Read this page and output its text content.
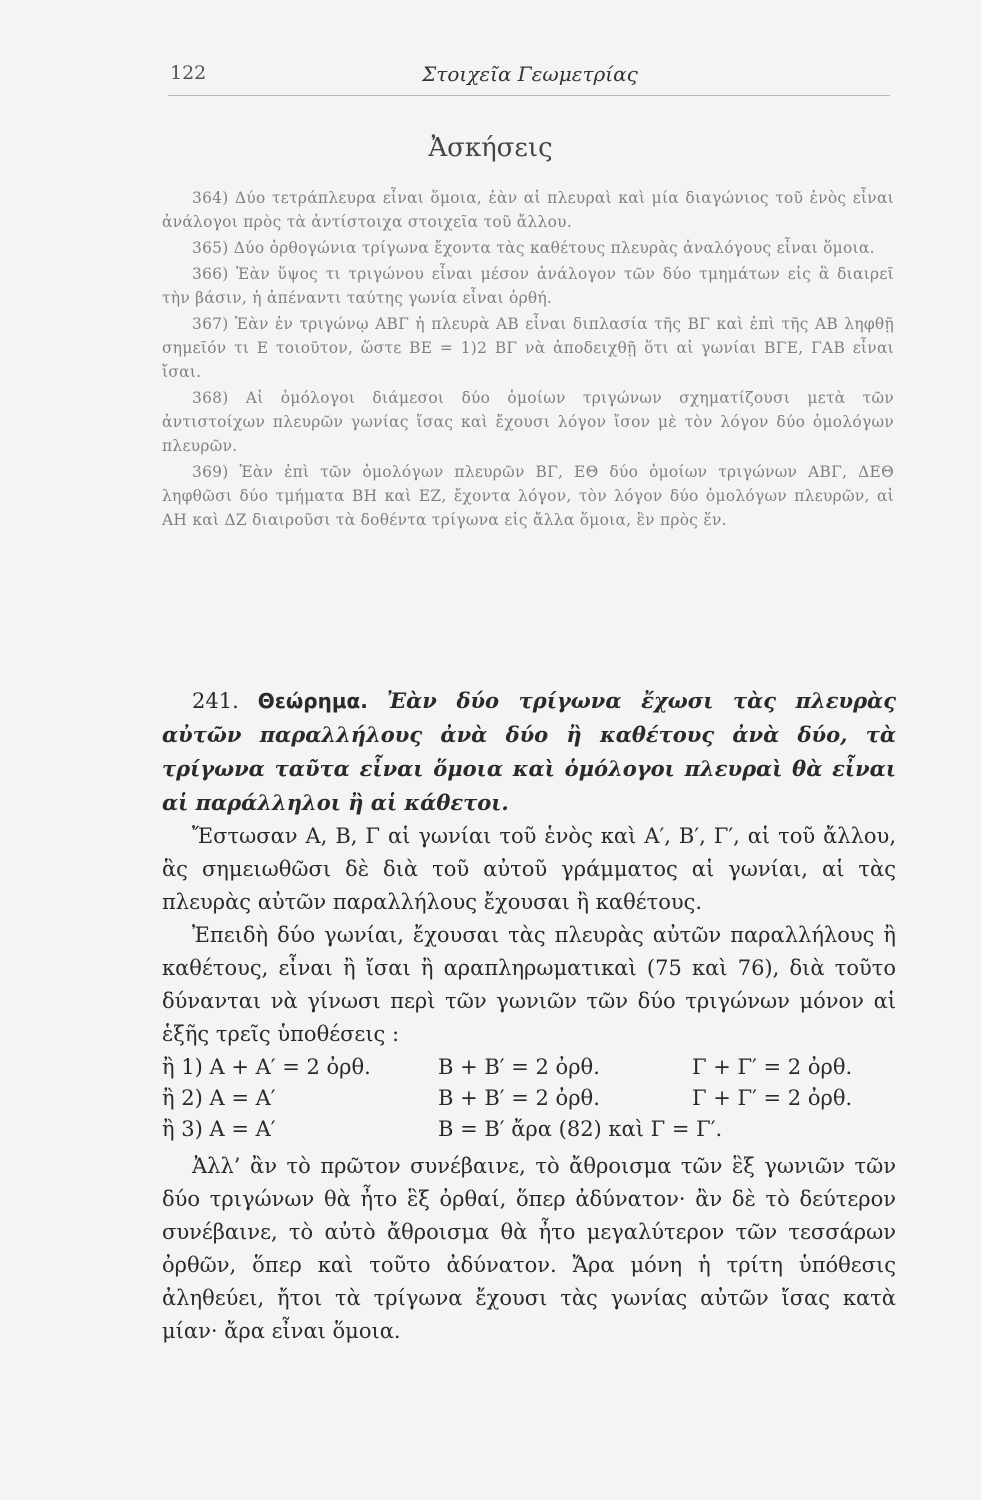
122	Στοιχεῖα Γεωμετρίας
Ἀσκήσεις

364) Δύο τετράπλευρα εἶναι ὅμοια, ἐὰν αἱ πλευραὶ καὶ μία διαγώνιος τοῦ ἑνὸς εἶναι ἀνάλογοι πρὸς τὰ ἀντίστοιχα στοιχεῖα τοῦ ἄλλου.

365) Δύο ὀρθογώνια τρίγωνα ἔχοντα τὰς καθέτους πλευρὰς ἀναλόγους εἶναι ὅμοια.

366) Ἐὰν ὕψος τι τριγώνου εἶναι μέσον ἀνάλογον τῶν δύο τμημάτων εἰς ἃ διαιρεῖ τὴν βάσιν, ἡ ἀπέναντι ταύτης γωνία εἶναι ὀρθή.

367) Ἐὰν ἐν τριγώνῳ ΑΒΓ ἡ πλευρὰ ΑΒ εἶναι διπλασία τῆς ΒΓ καὶ ἐπὶ τῆς ΑΒ ληφθῇ σημεῖόν τι Ε τοιοῦτον, ὥστε ΒΕ = 1)2 ΒΓ νὰ ἀποδειχθῇ ὅτι αἱ γωνίαι ΒΓΕ, ΓΑΒ εἶναι ἴσαι.

368) Αἱ ὁμόλογοι διάμεσοι δύο ὁμοίων τριγώνων σχηματίζουσι μετὰ τῶν ἀντιστοίχων πλευρῶν γωνίας ἴσας καὶ ἔχουσι λόγον ἴσον μὲ τὸν λόγον δύο ὁμολόγων πλευρῶν.

369) Ἐὰν ἐπὶ τῶν ὁμολόγων πλευρῶν ΒΓ, ΕΘ δύο ὁμοίων τριγώνων ΑΒΓ, ΔΕΘ ληφθῶσι δύο τμήματα ΒΗ καὶ ΕΖ, ἔχοντα λόγον, τὸν λόγον δύο ὁμολόγων πλευρῶν, αἱ ΑΗ καὶ ΔΖ διαιροῦσι τὰ δοθέντα τρίγωνα εἰς ἄλλα ὅμοια, ἓν πρὸς ἕν.

241. Θεώρημα. Ἐὰν δύο τρίγωνα ἔχωσι τὰς πλευρὰς αὐτῶν παραλλήλους ἀνὰ δύο ἢ καθέτους ἀνὰ δύο, τὰ τρίγωνα ταῦτα εἶναι ὅμοια καὶ ὁμόλογοι πλευραὶ θὰ εἶναι αἱ παράλληλοι ἢ αἱ κάθετοι.

Ἔστωσαν Α, Β, Γ αἱ γωνίαι τοῦ ἑνὸς καὶ Α′, Β′, Γ′, αἱ τοῦ ἄλλου, ἃς σημειωθῶσι δὲ διὰ τοῦ αὐτοῦ γράμματος αἱ γωνίαι, αἱ τὰς πλευρὰς αὐτῶν παραλλήλους ἔχουσαι ἢ καθέτους.

Ἐπειδὴ δύο γωνίαι, ἔχουσαι τὰς πλευρὰς αὐτῶν παραλλήλους ἢ καθέτους, εἶναι ἢ ἴσαι ἢ αραπληρωματικαὶ (75 καὶ 76), διὰ τοῦτο δύνανται νὰ γίνωσι περὶ τῶν γωνιῶν τῶν δύο τριγώνων μόνον αἱ ἑξῆς τρεῖς ὑποθέσεις :

ἢ 1) Α + Α′ = 2 ὀρθ.	Β + Β′ = 2 ὀρθ.	Γ + Γ′ = 2 ὀρθ.
ἢ 2) Α = Α′	Β + Β′ = 2 ὀρθ.	Γ + Γ′ = 2 ὀρθ.
ἢ 3) Α = Α′	Β = Β′ ἄρα (82) καὶ Γ = Γ′.

Ἀλλ’ ἂν τὸ πρῶτον συνέβαινε, τὸ ἄθροισμα τῶν ἓξ γωνιῶν τῶν δύο τριγώνων θὰ ἦτο ἓξ ὀρθαί, ὅπερ ἀδύνατον· ἂν δὲ τὸ δεύτερον συνέβαινε, τὸ αὐτὸ ἄθροισμα θὰ ἦτο μεγαλύτερον τῶν τεσσάρων ὀρθῶν, ὅπερ καὶ τοῦτο ἀδύνατον. Ἄρα μόνη ἡ τρίτη ὑπόθεσις ἀληθεύει, ἤτοι τὰ τρίγωνα ἔχουσι τὰς γωνίας αὐτῶν ἴσας κατὰ μίαν· ἄρα εἶναι ὅμοια.
